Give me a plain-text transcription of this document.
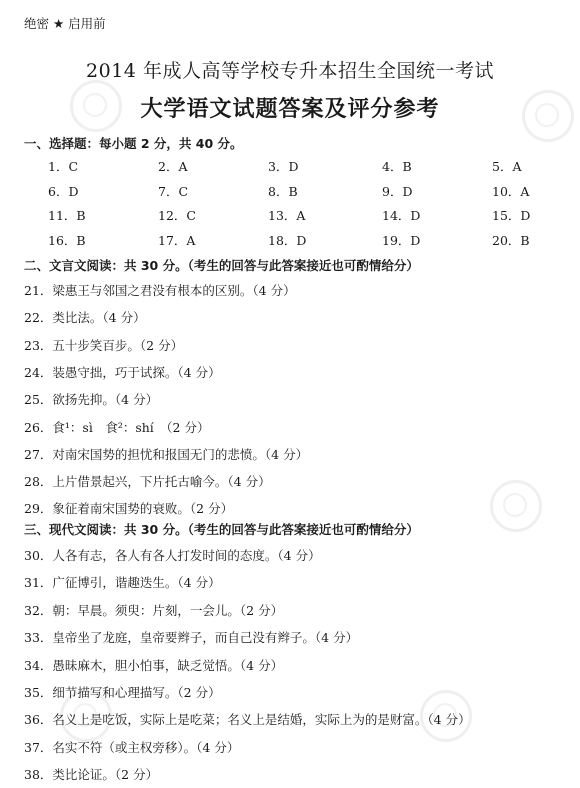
绝密 ★ 启用前
2014 年成人高等学校专升本招生全国统一考试
大学语文试题答案及评分参考
一、选择题：每小题 2 分，共 40 分。
1．C	2．A	3．D	4．B	5．A
6．D	7．C	8．B	9．D	10．A
11．B	12．C	13．A	14．D	15．D
16．B	17．A	18．D	19．D	20．B
二、文言文阅读：共 30 分。（考生的回答与此答案接近也可酌情给分）
21．梁惠王与邻国之君没有根本的区别。（4 分）
22．类比法。（4 分）
23．五十步笑百步。（2 分）
24．装愚守拙，巧于试探。（4 分）
25．欲扬先抑。（4 分）
26．食¹：sì　食²：shí　（2 分）
27．对南宋国势的担忧和报国无门的悲愤。（4 分）
28．上片借景起兴，下片托古喻今。（4 分）
29．象征着南宋国势的衰败。（2 分）
三、现代文阅读：共 30 分。（考生的回答与此答案接近也可酌情给分）
30．人各有志，各人有各人打发时间的态度。（4 分）
31．广征博引，谐趣迭生。（4 分）
32．朝：早晨。须臾：片刻，一会儿。（2 分）
33．皇帝坐了龙庭，皇帝要辫子，而自己没有辫子。（4 分）
34．愚昧麻木，胆小怕事，缺乏觉悟。（4 分）
35．细节描写和心理描写。（2 分）
36．名义上是吃饭，实际上是吃菜；名义上是结婚，实际上为的是财富。（4 分）
37．名实不符（或主权旁移）。（4 分）
38．类比论证。（2 分）
